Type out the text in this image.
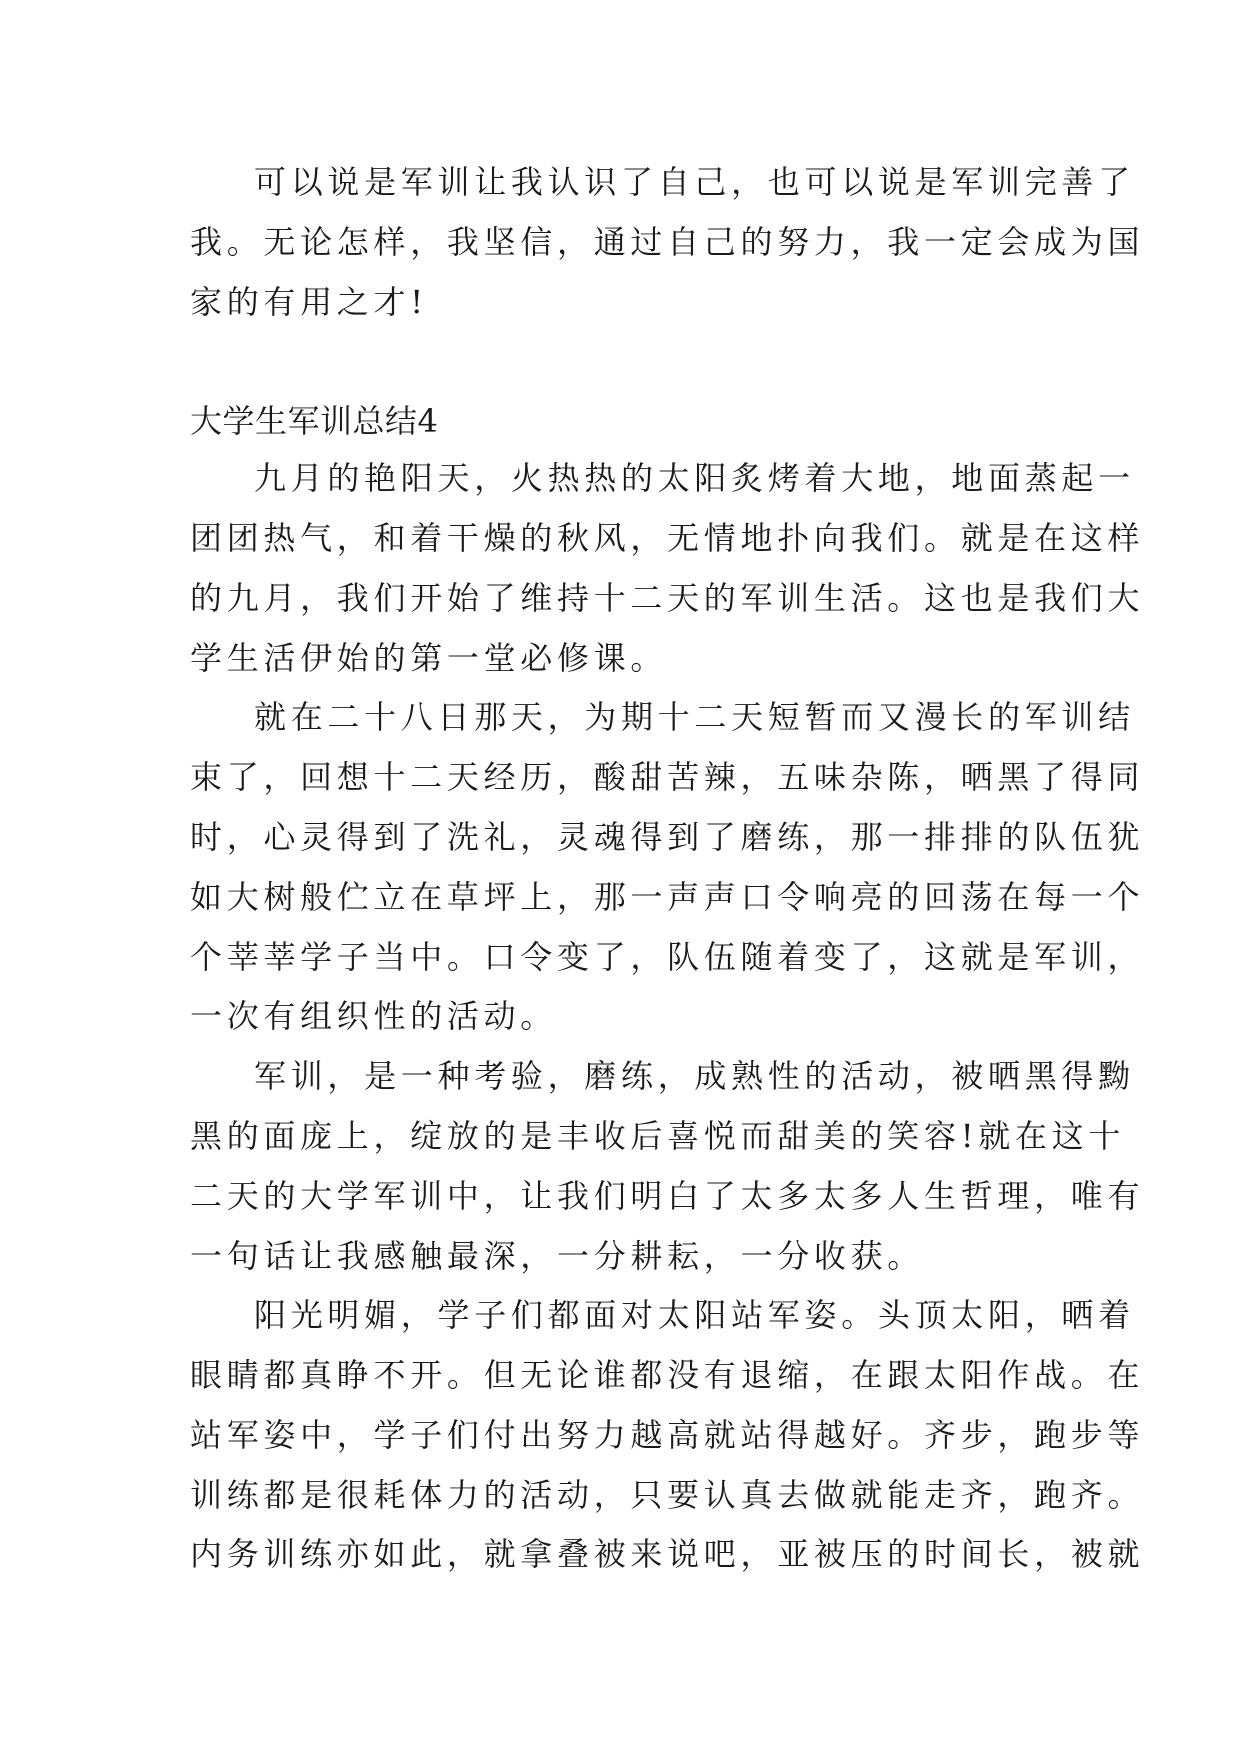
可以说是军训让我认识了自己，也可以说是军训完善了
我。无论怎样，我坚信，通过自己的努力，我一定会成为国
家的有用之才!
大学生军训总结4
九月的艳阳天，火热热的太阳炙烤着大地，地面蒸起一
团团热气，和着干燥的秋风，无情地扑向我们。就是在这样
的九月，我们开始了维持十二天的军训生活。这也是我们大
学生活伊始的第一堂必修课。
就在二十八日那天，为期十二天短暂而又漫长的军训结
束了，回想十二天经历，酸甜苦辣，五味杂陈，晒黑了得同
时，心灵得到了洗礼，灵魂得到了磨练，那一排排的队伍犹
如大树般伫立在草坪上，那一声声口令响亮的回荡在每一个
个莘莘学子当中。口令变了，队伍随着变了，这就是军训，
一次有组织性的活动。
军训，是一种考验，磨练，成熟性的活动，被晒黑得黝
黑的面庞上，绽放的是丰收后喜悦而甜美的笑容!就在这十
二天的大学军训中，让我们明白了太多太多人生哲理，唯有
一句话让我感触最深，一分耕耘，一分收获。
阳光明媚，学子们都面对太阳站军姿。头顶太阳，晒着
眼睛都真睁不开。但无论谁都没有退缩，在跟太阳作战。在
站军姿中，学子们付出努力越高就站得越好。齐步，跑步等
训练都是很耗体力的活动，只要认真去做就能走齐，跑齐。
内务训练亦如此，就拿叠被来说吧，亚被压的时间长，被就
